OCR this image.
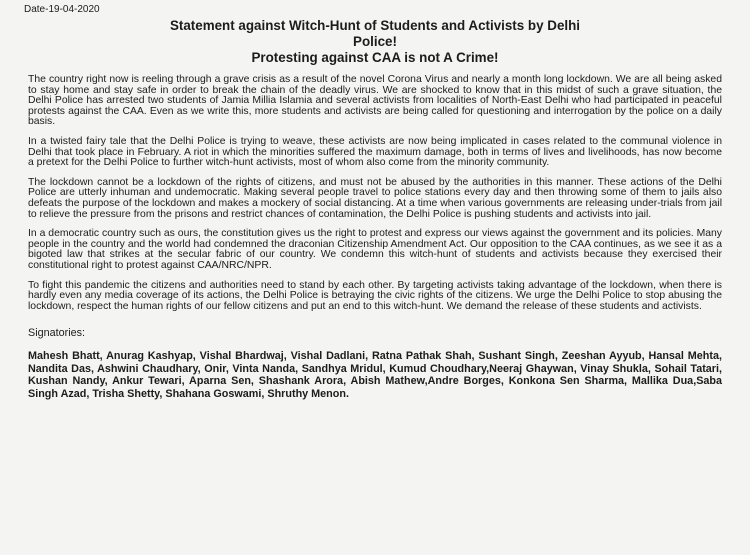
Date-19-04-2020
Statement against Witch-Hunt of Students and Activists by Delhi
Police!
Protesting against CAA is not A Crime!

The country right now is reeling through a grave crisis as a result of the novel Corona Virus and nearly a month long lockdown. We are all being asked to stay home and stay safe in order to break the chain of the deadly virus. We are shocked to know that in this midst of such a grave situation, the Delhi Police has arrested two students of Jamia Millia Islamia and several activists from localities of North-East Delhi who had participated in peaceful protests against the CAA. Even as we write this, more students and activists are being called for questioning and interrogation by the police on a daily basis.

In a twisted fairy tale that the Delhi Police is trying to weave, these activists are now being implicated in cases related to the communal violence in Delhi that took place in February. A riot in which the minorities suffered the maximum damage, both in terms of lives and livelihoods, has now become a pretext for the Delhi Police to further witch-hunt activists, most of whom also come from the minority community.

The lockdown cannot be a lockdown of the rights of citizens, and must not be abused by the authorities in this manner. These actions of the Delhi Police are utterly inhuman and undemocratic. Making several people travel to police stations every day and then throwing some of them to jails also defeats the purpose of the lockdown and makes a mockery of social distancing. At a time when various governments are releasing under-trials from jail to relieve the pressure from the prisons and restrict chances of contamination, the Delhi Police is pushing students and activists into jail.

In a democratic country such as ours, the constitution gives us the right to protest and express our views against the government and its policies. Many people in the country and the world had condemned the draconian Citizenship Amendment Act. Our opposition to the CAA continues, as we see it as a bigoted law that strikes at the secular fabric of our country. We condemn this witch-hunt of students and activists because they exercised their constitutional right to protest against CAA/NRC/NPR.

To fight this pandemic the citizens and authorities need to stand by each other. By targeting activists taking advantage of the lockdown, when there is hardly even any media coverage of its actions, the Delhi Police is betraying the civic rights of the citizens. We urge the Delhi Police to stop abusing the lockdown, respect the human rights of our fellow citizens and put an end to this witch-hunt. We demand the release of these students and activists.

Signatories:

Mahesh Bhatt, Anurag Kashyap, Vishal Bhardwaj, Vishal Dadlani, Ratna Pathak Shah, Sushant Singh, Zeeshan Ayyub, Hansal Mehta, Nandita Das, Ashwini Chaudhary, Onir, Vinta Nanda, Sandhya Mridul, Kumud Choudhary,Neeraj Ghaywan, Vinay Shukla, Sohail Tatari, Kushan Nandy, Ankur Tewari, Aparna Sen, Shashank Arora, Abish Mathew,Andre Borges, Konkona Sen Sharma, Mallika Dua,Saba Singh Azad, Trisha Shetty, Shahana Goswami, Shruthy Menon.
